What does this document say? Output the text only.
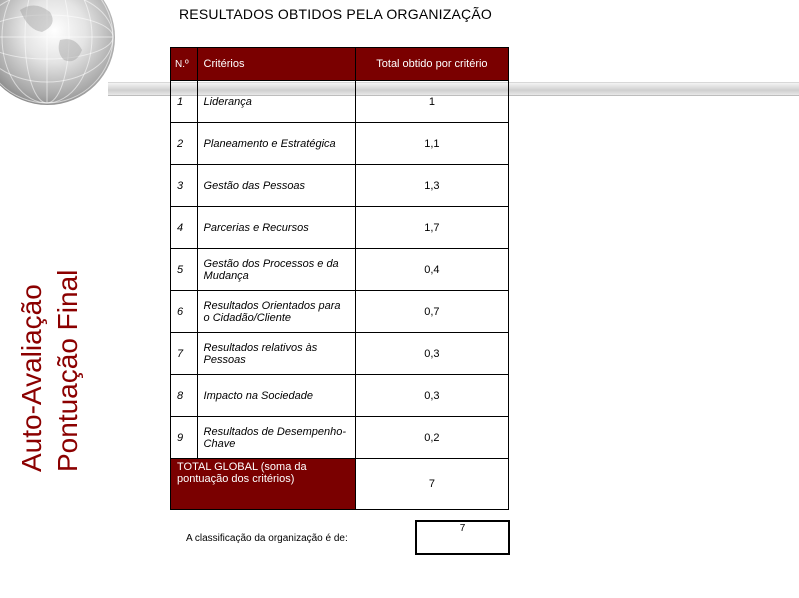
Auto-Avaliação Pontuação Final
RESULTADOS OBTIDOS PELA ORGANIZAÇÃO
N.º	Critérios	Total obtido por critério
1	Liderança	1
2	Planeamento e Estratégica	1,1
3	Gestão das Pessoas	1,3
4	Parcerias e Recursos	1,7
5	Gestão dos Processos e da Mudança	0,4
6	Resultados Orientados para o Cidadão/Cliente	0,7
7	Resultados relativos às Pessoas	0,3
8	Impacto na Sociedade	0,3
9	Resultados de Desempenho-Chave	0,2
TOTAL GLOBAL (soma da pontuação dos critérios)		7
A classificação da organização é de:
7
